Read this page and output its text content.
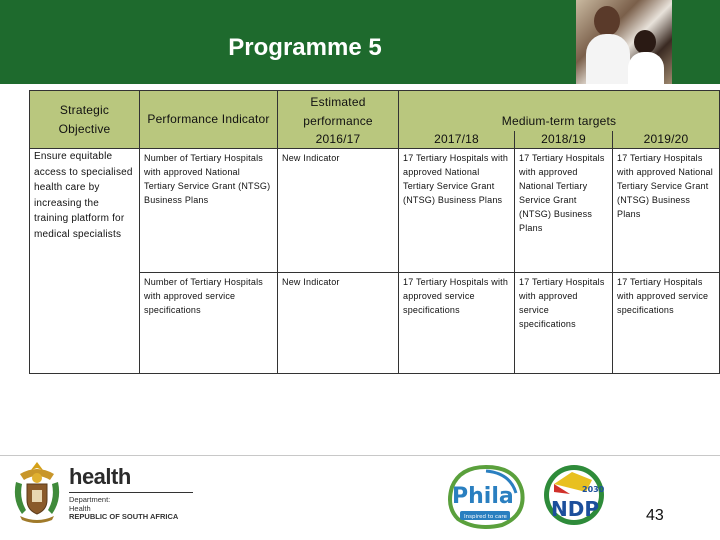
Programme 5
Strategic Objective	Performance Indicator	Estimated performance	Medium-term targets		
		2016/17	2017/18	2018/19	2019/20
Ensure equitable access to specialised health care by increasing the training platform for medical specialists	Number of Tertiary Hospitals with approved National Tertiary Service Grant (NTSG) Business Plans	New Indicator	17 Tertiary Hospitals with approved National Tertiary Service Grant (NTSG) Business Plans	17 Tertiary Hospitals with approved National Tertiary Service Grant (NTSG) Business Plans	17 Tertiary Hospitals with approved National Tertiary Service Grant (NTSG) Business Plans
	Number of Tertiary Hospitals with approved service specifications	New Indicator	17 Tertiary Hospitals with approved service specifications	17 Tertiary Hospitals with approved service specifications	17 Tertiary Hospitals with approved service specifications
health
Department:
Health
REPUBLIC OF SOUTH AFRICA
Phila
Inspired to care
2030
NDP	43
